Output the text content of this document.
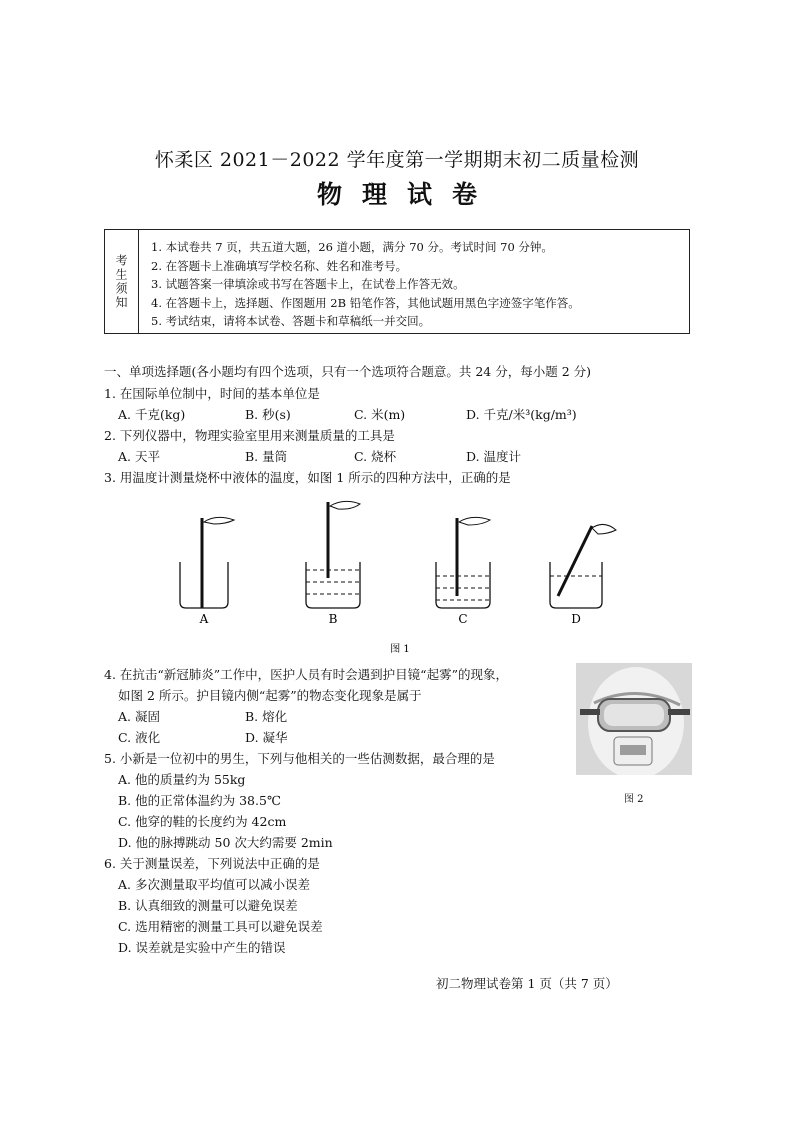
怀柔区 2021－2022 学年度第一学期期末初二质量检测
物理试卷
考生须知
1. 本试卷共 7 页，共五道大题，26 道小题，满分 70 分。考试时间 70 分钟。
2. 在答题卡上准确填写学校名称、姓名和准考号。
3. 试题答案一律填涂或书写在答题卡上，在试卷上作答无效。
4. 在答题卡上，选择题、作图题用 2B 铅笔作答，其他试题用黑色字迹签字笔作答。
5. 考试结束，请将本试卷、答题卡和草稿纸一并交回。
一、单项选择题(各小题均有四个选项，只有一个选项符合题意。共 24 分，每小题 2 分)
1. 在国际单位制中，时间的基本单位是
A. 千克(kg)	B. 秒(s)	C. 米(m)	D. 千克/米³(kg/m³)
2. 下列仪器中，物理实验室里用来测量质量的工具是
A. 天平	B. 量筒	C. 烧杯	D. 温度计
3. 用温度计测量烧杯中液体的温度，如图 1 所示的四种方法中，正确的是
A	B	C	D
图 1
4. 在抗击“新冠肺炎”工作中，医护人员有时会遇到护目镜“起雾”的现象，
如图 2 所示。护目镜内侧“起雾”的物态变化现象是属于
A. 凝固	B. 熔化
C. 液化	D. 凝华
图 2
5. 小新是一位初中的男生，下列与他相关的一些估测数据，最合理的是
A. 他的质量约为 55kg
B. 他的正常体温约为 38.5℃
C. 他穿的鞋的长度约为 42cm
D. 他的脉搏跳动 50 次大约需要 2min
6. 关于测量误差，下列说法中正确的是
A. 多次测量取平均值可以减小误差
B. 认真细致的测量可以避免误差
C. 选用精密的测量工具可以避免误差
D. 误差就是实验中产生的错误
初二物理试卷第 1 页（共 7 页）
